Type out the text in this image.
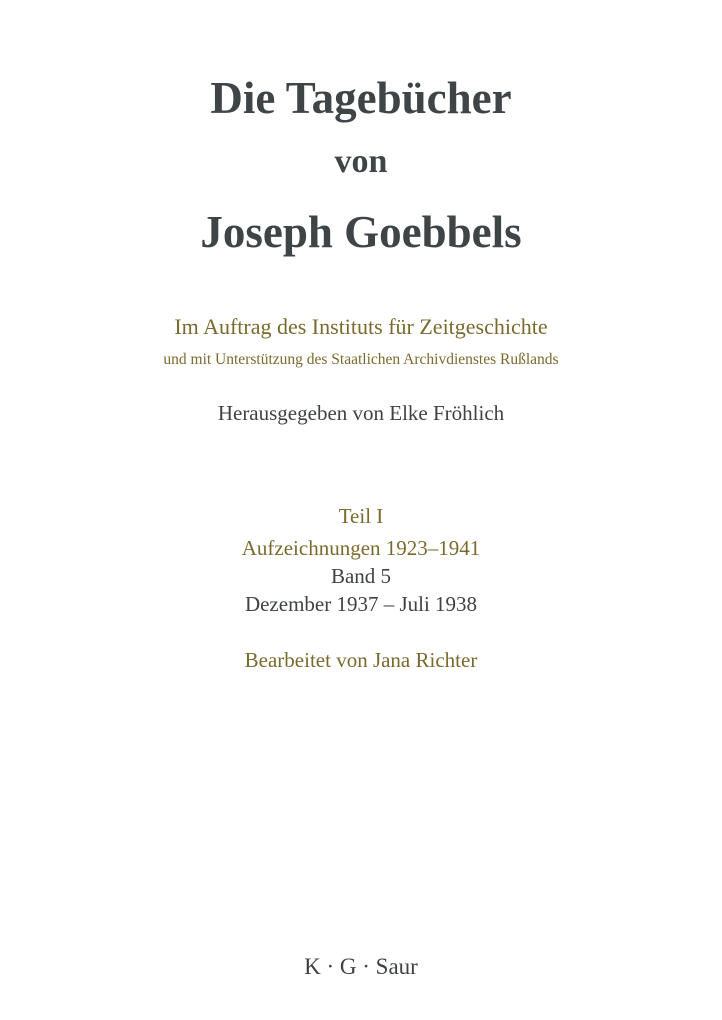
Die Tagebücher
von
Joseph Goebbels
Im Auftrag des Instituts für Zeitgeschichte
und mit Unterstützung des Staatlichen Archivdienstes Rußlands
Herausgegeben von Elke Fröhlich
Teil I
Aufzeichnungen 1923–1941
Band 5
Dezember 1937 – Juli 1938
Bearbeitet von Jana Richter
K · G · Saur
